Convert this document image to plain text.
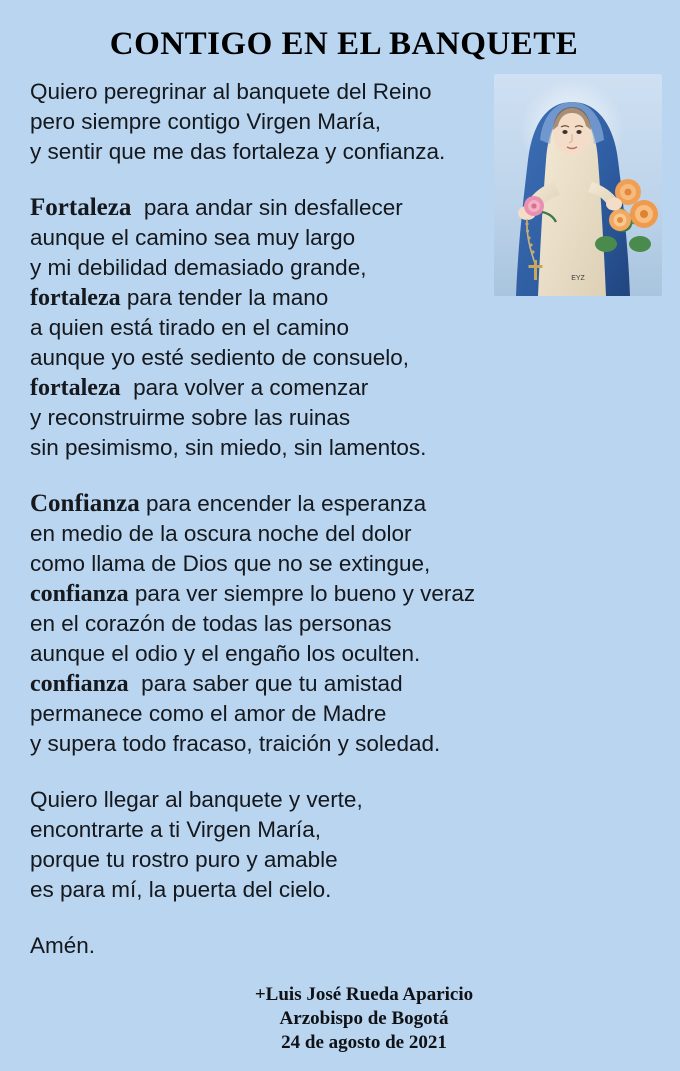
CONTIGO EN EL BANQUETE
EYZ
Quiero peregrinar al banquete del Reino
pero siempre contigo Virgen María,
y sentir que me das fortaleza y confianza.
Fortaleza  para andar sin desfallecer
aunque el camino sea muy largo
y mi debilidad demasiado grande,
fortaleza para tender la mano
a quien está tirado en el camino
aunque yo esté sediento de consuelo,
fortaleza  para volver a comenzar
y reconstruirme sobre las ruinas
sin pesimismo, sin miedo, sin lamentos.
Confianza para encender la esperanza
en medio de la oscura noche del dolor
como llama de Dios que no se extingue,
confianza para ver siempre lo bueno y veraz
en el corazón de todas las personas
aunque el odio y el engaño los oculten.
confianza  para saber que tu amistad
permanece como el amor de Madre
y supera todo fracaso, traición y soledad.
Quiero llegar al banquete y verte,
encontrarte a ti Virgen María,
porque tu rostro puro y amable
es para mí, la puerta del cielo.
Amén.
+Luis José Rueda Aparicio
Arzobispo de Bogotá
24 de agosto de 2021
